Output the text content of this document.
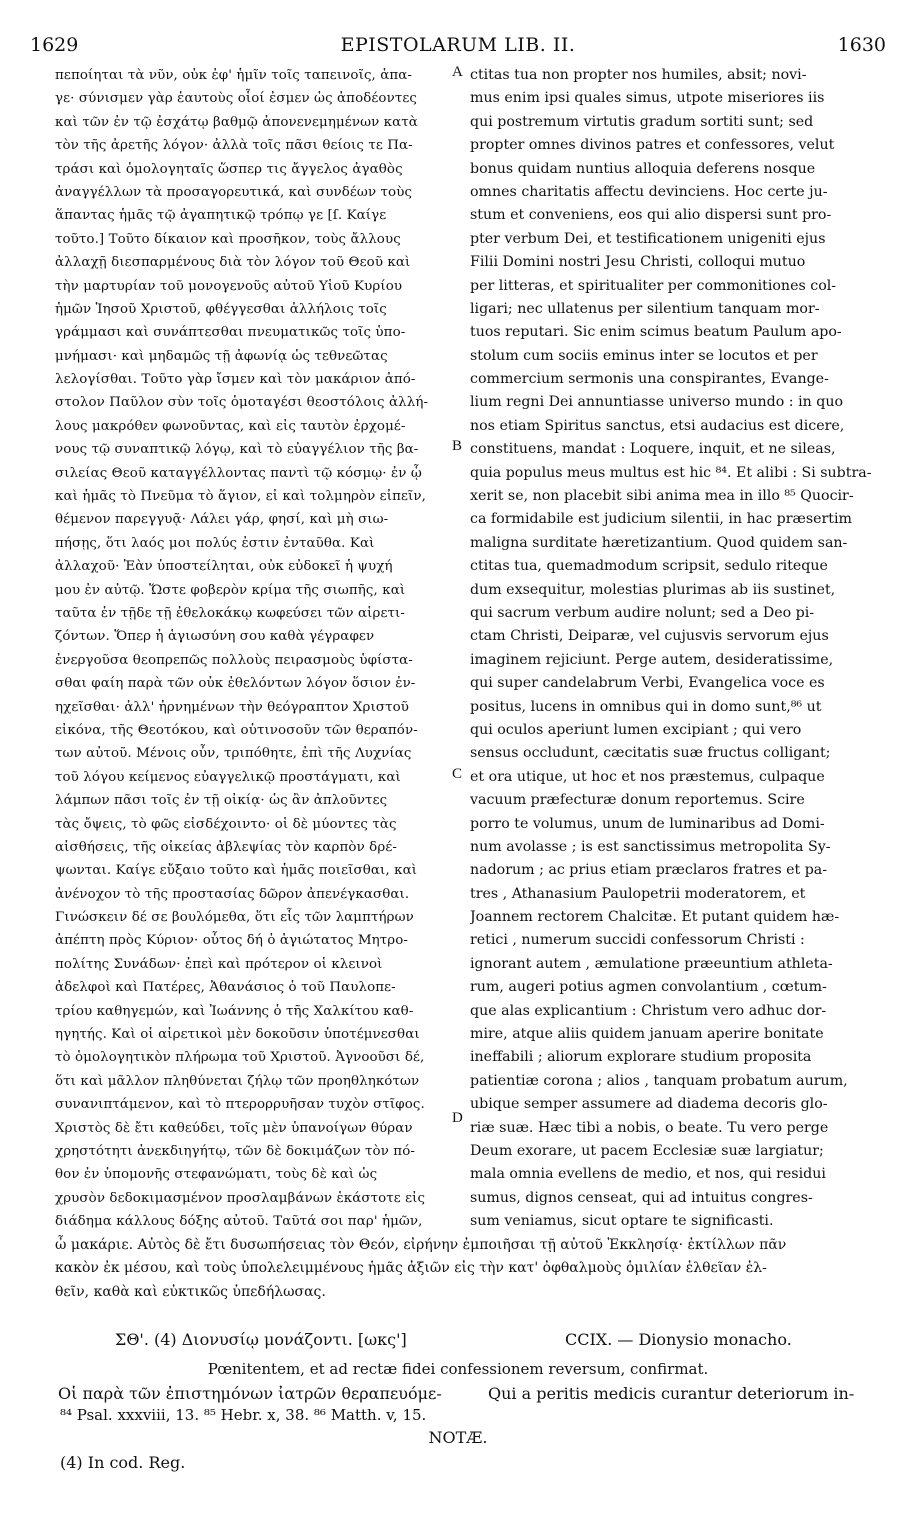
1629	EPISTOLARUM LIB. II.	1630
πεποίηται τὰ νῦν, οὐκ ἐφ' ἡμῖν τοῖς ταπεινοῖς, ἀπα-
γε· σύνισμεν γὰρ ἑαυτοὺς οἷοί ἐσμεν ὡς ἀποδέοντες
καὶ τῶν ἐν τῷ ἐσχάτῳ βαθμῷ ἀπονενεμημένων κατὰ
τὸν τῆς ἀρετῆς λόγον· ἀλλὰ τοῖς πᾶσι θείοις τε Πα-
τράσι καὶ ὁμολογηταῖς ὥσπερ τις ἄγγελος ἀγαθὸς
ἀναγγέλλων τὰ προσαγορευτικά, καὶ συνδέων τοὺς
ἅπαντας ἡμᾶς τῷ ἀγαπητικῷ τρόπῳ γε [ſ. Καίγε
τοῦτο.] Τοῦτο δίκαιον καὶ προσῆκον, τοὺς ἄλλους
ἀλλαχῇ διεσπαρμένους διὰ τὸν λόγον τοῦ Θεοῦ καὶ
τὴν μαρτυρίαν τοῦ μονογενοῦς αὐτοῦ Υἱοῦ Κυρίου
ἡμῶν Ἰησοῦ Χριστοῦ, φθέγγεσθαι ἀλλήλοις τοῖς
γράμμασι καὶ συνάπτεσθαι πνευματικῶς τοῖς ὑπο-
μνήμασι· καὶ μηδαμῶς τῇ ἀφωνίᾳ ὡς τεθνεῶτας
λελογίσθαι. Τοῦτο γὰρ ἴσμεν καὶ τὸν μακάριον ἀπό-
στολον Παῦλον σὺν τοῖς ὁμοταγέσι θεοστόλοις ἀλλή-
λους μακρόθεν φωνοῦντας, καὶ εἰς ταυτὸν ἐρχομέ-
νους τῷ συναπτικῷ λόγῳ, καὶ τὸ εὐαγγέλιον τῆς βα-
σιλείας Θεοῦ καταγγέλλοντας παντὶ τῷ κόσμῳ· ἐν ᾧ
καὶ ἡμᾶς τὸ Πνεῦμα τὸ ἅγιον, εἰ καὶ τολμηρὸν εἰπεῖν,
θέμενον παρεγγυᾷ· Λάλει γάρ, φησί, καὶ μὴ σιω-
πήσῃς, ὅτι λαός μοι πολύς ἐστιν ἐνταῦθα. Καὶ
ἀλλαχοῦ· Ἐὰν ὑποστείληται, οὐκ εὐδοκεῖ ἡ ψυχή
μου ἐν αὐτῷ. Ὥστε φοβερὸν κρίμα τῆς σιωπῆς, καὶ
ταῦτα ἐν τῇδε τῇ ἐθελοκάκῳ κωφεύσει τῶν αἱρετι-
ζόντων. Ὅπερ ἡ ἁγιωσύνη σου καθὰ γέγραφεν
ἐνεργοῦσα θεοπρεπῶς πολλοὺς πειρασμοὺς ὑφίστα-
σθαι φαίη παρὰ τῶν οὐκ ἐθελόντων λόγον ὅσιον ἐν-
ηχεῖσθαι· ἀλλ' ἠρνημένων τὴν θεόγραπτον Χριστοῦ
εἰκόνα, τῆς Θεοτόκου, καὶ οὑτινοσοῦν τῶν θεραπόν-
των αὐτοῦ. Μένοις οὖν, τριπόθητε, ἐπὶ τῆς Λυχνίας
τοῦ λόγου κείμενος εὐαγγελικῷ προστάγματι, καὶ
λάμπων πᾶσι τοῖς ἐν τῇ οἰκίᾳ· ὡς ἂν ἀπλοῦντες
τὰς ὄψεις, τὸ φῶς εἰσδέχοιντο· οἱ δὲ μύοντες τὰς
αἰσθήσεις, τῆς οἰκείας ἀβλεψίας τὸν καρπὸν δρέ-
ψωνται. Καίγε εὔξαιο τοῦτο καὶ ἡμᾶς ποιεῖσθαι, καὶ
ἀνένοχον τὸ τῆς προστασίας δῶρον ἀπενέγκασθαι.
Γινώσκειν δέ σε βουλόμεθα, ὅτι εἷς τῶν λαμπτήρων
ἀπέπτη πρὸς Κύριον· οὗτος δή ὁ ἁγιώτατος Μητρο-
πολίτης Συνάδων· ἐπεὶ καὶ πρότερον οἱ κλεινοὶ
ἀδελφοὶ καὶ Πατέρες, Ἀθανάσιος ὁ τοῦ Παυλοπε-
τρίου καθηγεμών, καὶ Ἰωάννης ὁ τῆς Χαλκίτου καθ-
ηγητής. Καὶ οἱ αἱρετικοὶ μὲν δοκοῦσιν ὑποτέμνεσθαι
τὸ ὁμολογητικὸν πλήρωμα τοῦ Χριστοῦ. Ἀγνοοῦσι δέ,
ὅτι καὶ μᾶλλον πληθύνεται ζήλῳ τῶν προηθληκότων
συνανιπτάμενον, καὶ τὸ πτερορρυῆσαν τυχὸν στῖφος.
Χριστὸς δὲ ἔτι καθεύδει, τοῖς μὲν ὑπανοίγων θύραν
χρηστότητι ἀνεκδιηγήτῳ, τῶν δὲ δοκιμάζων τὸν πό-
θον ἐν ὑπομονῆς στεφανώματι, τοὺς δὲ καὶ ὡς
χρυσὸν δεδοκιμασμένον προσλαμβάνων ἑκάστοτε εἰς
διάδημα κάλλους δόξης αὐτοῦ. Ταῦτά σοι παρ' ἡμῶν,
ctitas tua non propter nos humiles, absit; novi-
mus enim ipsi quales simus, utpote miseriores iis
qui postremum virtutis gradum sortiti sunt; sed
propter omnes divinos patres et confessores, velut
bonus quidam nuntius alloquia deferens nosque
omnes charitatis affectu devinciens. Hoc certe ju-
stum et conveniens, eos qui alio dispersi sunt pro-
pter verbum Dei, et testificationem unigeniti ejus
Filii Domini nostri Jesu Christi, colloqui mutuo
per litteras, et spiritualiter per commonitiones col-
ligari; nec ullatenus per silentium tanquam mor-
tuos reputari. Sic enim scimus beatum Paulum apo-
stolum cum sociis eminus inter se locutos et per
commercium sermonis una conspirantes, Evange-
lium regni Dei annuntiasse universo mundo : in quo
nos etiam Spiritus sanctus, etsi audacius est dicere,
constituens, mandat : Loquere, inquit, et ne sileas,
quia populus meus multus est hic ⁸⁴. Et alibi : Si subtra-
xerit se, non placebit sibi anima mea in illo ⁸⁵ Quocir-
ca formidabile est judicium silentii, in hac præsertim
maligna surditate hæretizantium. Quod quidem san-
ctitas tua, quemadmodum scripsit, sedulo riteque
dum exsequitur, molestias plurimas ab iis sustinet,
qui sacrum verbum audire nolunt; sed a Deo pi-
ctam Christi, Deiparæ, vel cujusvis servorum ejus
imaginem rejiciunt. Perge autem, desideratissime,
qui super candelabrum Verbi, Evangelica voce es
positus, lucens in omnibus qui in domo sunt,⁸⁶ ut
qui oculos aperiunt lumen excipiant ; qui vero
sensus occludunt, cæcitatis suæ fructus colligant;
et ora utique, ut hoc et nos præstemus, culpaque
vacuum præfecturæ donum reportemus. Scire
porro te volumus, unum de luminaribus ad Domi-
num avolasse ; is est sanctissimus metropolita Sy-
nadorum ; ac prius etiam præclaros fratres et pa-
tres , Athanasium Paulopetrii moderatorem, et
Joannem rectorem Chalcitæ. Et putant quidem hæ-
retici , numerum succidi confessorum Christi :
ignorant autem , æmulatione præeuntium athleta-
rum, augeri potius agmen convolantium , cœtum-
que alas explicantium : Christum vero adhuc dor-
mire, atque aliis quidem januam aperire bonitate
ineffabili ; aliorum explorare studium proposita
patientiæ corona ; alios , tanquam probatum aurum,
ubique semper assumere ad diadema decoris glo-
riæ suæ. Hæc tibi a nobis, o beate. Tu vero perge
Deum exorare, ut pacem Ecclesiæ suæ largiatur;
mala omnia evellens de medio, et nos, qui residui
sumus, dignos censeat, qui ad intuitus congres-
sum veniamus, sicut optare te significasti.
A
B
C
D
ὦ μακάριε. Αὐτὸς δὲ ἔτι δυσωπήσειας τὸν Θεόν, εἰρήνην ἐμποιῆσαι τῇ αὐτοῦ Ἐκκλησίᾳ· ἐκτίλλων πᾶν
κακὸν ἐκ μέσου, καὶ τοὺς ὑπολελειμμένους ἡμᾶς ἀξιῶν εἰς τὴν κατ' ὀφθαλμοὺς ὁμιλίαν ἐλθεῖαν ἐλ-
θεῖν, καθὰ καὶ εὐκτικῶς ὑπεδήλωσας.
ΣΘ'. (4) Διονυσίῳ μονάζοντι. [ωκς']	CCIX. — Dionysio monacho.
Pœnitentem, et ad rectæ fidei confessionem reversum, confirmat.
Οἱ παρὰ τῶν ἐπιστημόνων ἰατρῶν θεραπευόμε-	Qui a peritis medicis curantur deteriorum in-
⁸⁴ Psal. xxxviii, 13. ⁸⁵ Hebr. x, 38. ⁸⁶ Matth. v, 15.
NOTÆ.
(4) In cod. Reg.
